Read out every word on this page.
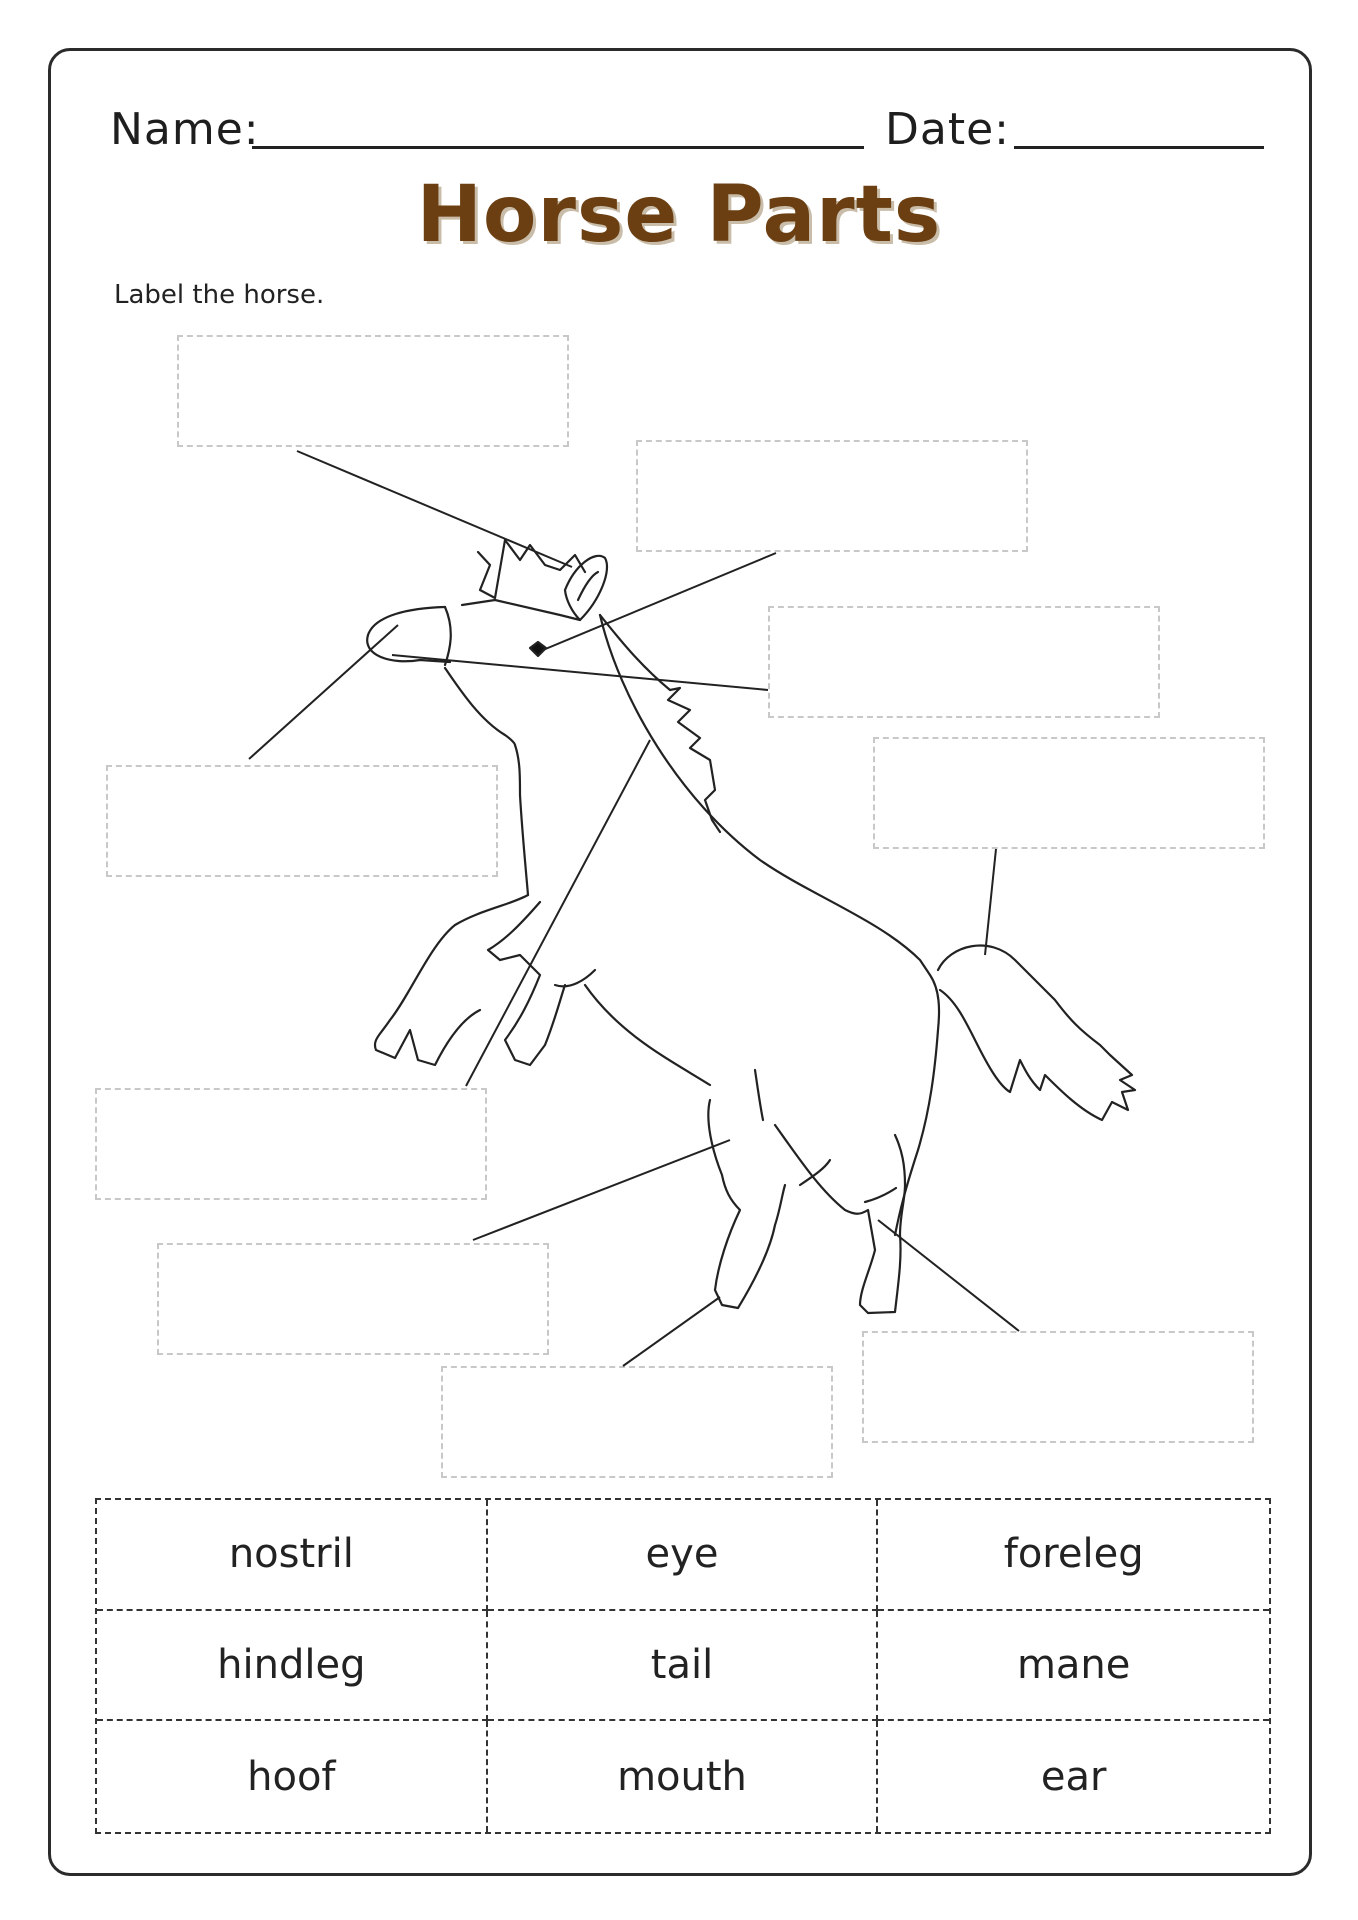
Name:	Date:
Horse Parts
Label the horse.
nostril	eye	foreleg
hindleg	tail	mane
hoof	mouth	ear
